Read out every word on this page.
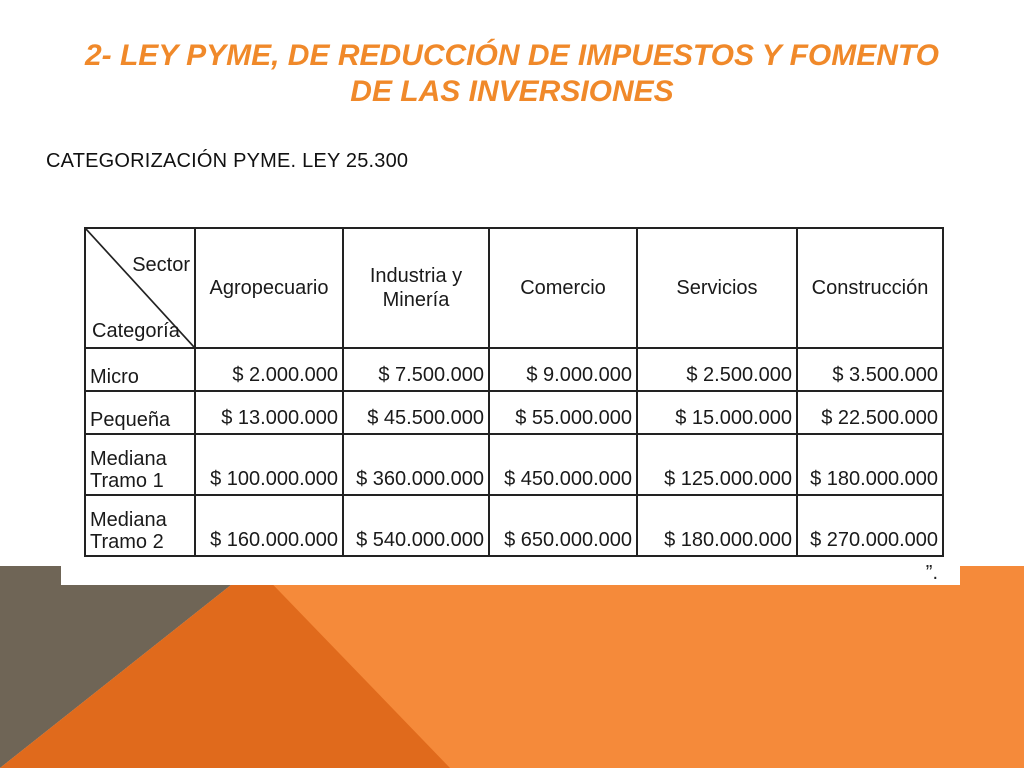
2- LEY PYME, DE REDUCCIÓN DE IMPUESTOS Y FOMENTO DE LAS INVERSIONES
CATEGORIZACIÓN PYME. LEY 25.300
Sector
Categoría	Agropecuario	Industria y Minería	Comercio	Servicios	Construcción
Micro	$ 2.000.000	$ 7.500.000	$ 9.000.000	$ 2.500.000	$ 3.500.000
Pequeña	$ 13.000.000	$ 45.500.000	$ 55.000.000	$ 15.000.000	$ 22.500.000
Mediana Tramo 1	$ 100.000.000	$ 360.000.000	$ 450.000.000	$ 125.000.000	$ 180.000.000
Mediana Tramo 2	$ 160.000.000	$ 540.000.000	$ 650.000.000	$ 180.000.000	$ 270.000.000
”.
